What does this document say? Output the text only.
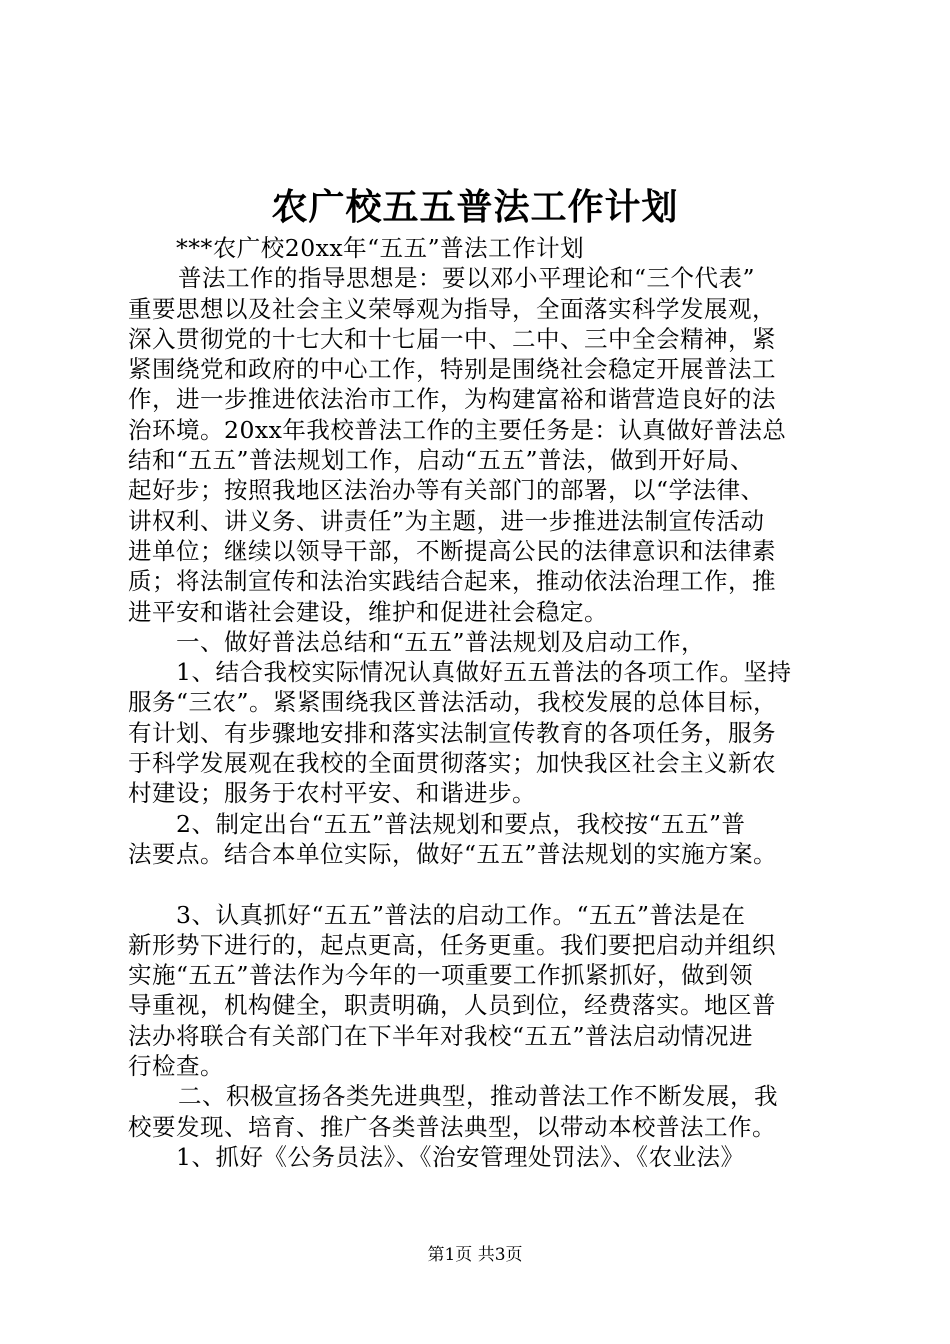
农广校五五普法工作计划
***农广校20xx年“五五”普法工作计划
普法工作的指导思想是：要以邓小平理论和“三个代表”
重要思想以及社会主义荣辱观为指导，全面落实科学发展观，
深入贯彻党的十七大和十七届一中、二中、三中全会精神，紧
紧围绕党和政府的中心工作，特别是围绕社会稳定开展普法工
作，进一步推进依法治市工作，为构建富裕和谐营造良好的法
治环境。20xx年我校普法工作的主要任务是：认真做好普法总
结和“五五”普法规划工作，启动“五五”普法，做到开好局、
起好步；按照我地区法治办等有关部门的部署，以“学法律、
讲权利、讲义务、讲责任”为主题，进一步推进法制宣传活动
进单位；继续以领导干部，不断提高公民的法律意识和法律素
质；将法制宣传和法治实践结合起来，推动依法治理工作，推
进平安和谐社会建设，维护和促进社会稳定。
一、做好普法总结和“五五”普法规划及启动工作，
1、结合我校实际情况认真做好五五普法的各项工作。坚持
服务“三农”。紧紧围绕我区普法活动，我校发展的总体目标，
有计划、有步骤地安排和落实法制宣传教育的各项任务，服务
于科学发展观在我校的全面贯彻落实；加快我区社会主义新农
村建设；服务于农村平安、和谐进步。
2、制定出台“五五”普法规划和要点，我校按“五五”普
法要点。结合本单位实际，做好“五五”普法规划的实施方案。
3、认真抓好“五五”普法的启动工作。“五五”普法是在
新形势下进行的，起点更高，任务更重。我们要把启动并组织
实施“五五”普法作为今年的一项重要工作抓紧抓好，做到领
导重视，机构健全，职责明确，人员到位，经费落实。地区普
法办将联合有关部门在下半年对我校“五五”普法启动情况进
行检查。
二、积极宣扬各类先进典型，推动普法工作不断发展，我
校要发现、培育、推广各类普法典型，以带动本校普法工作。
1、抓好《公务员法》、《治安管理处罚法》、《农业法》
第1页 共3页
